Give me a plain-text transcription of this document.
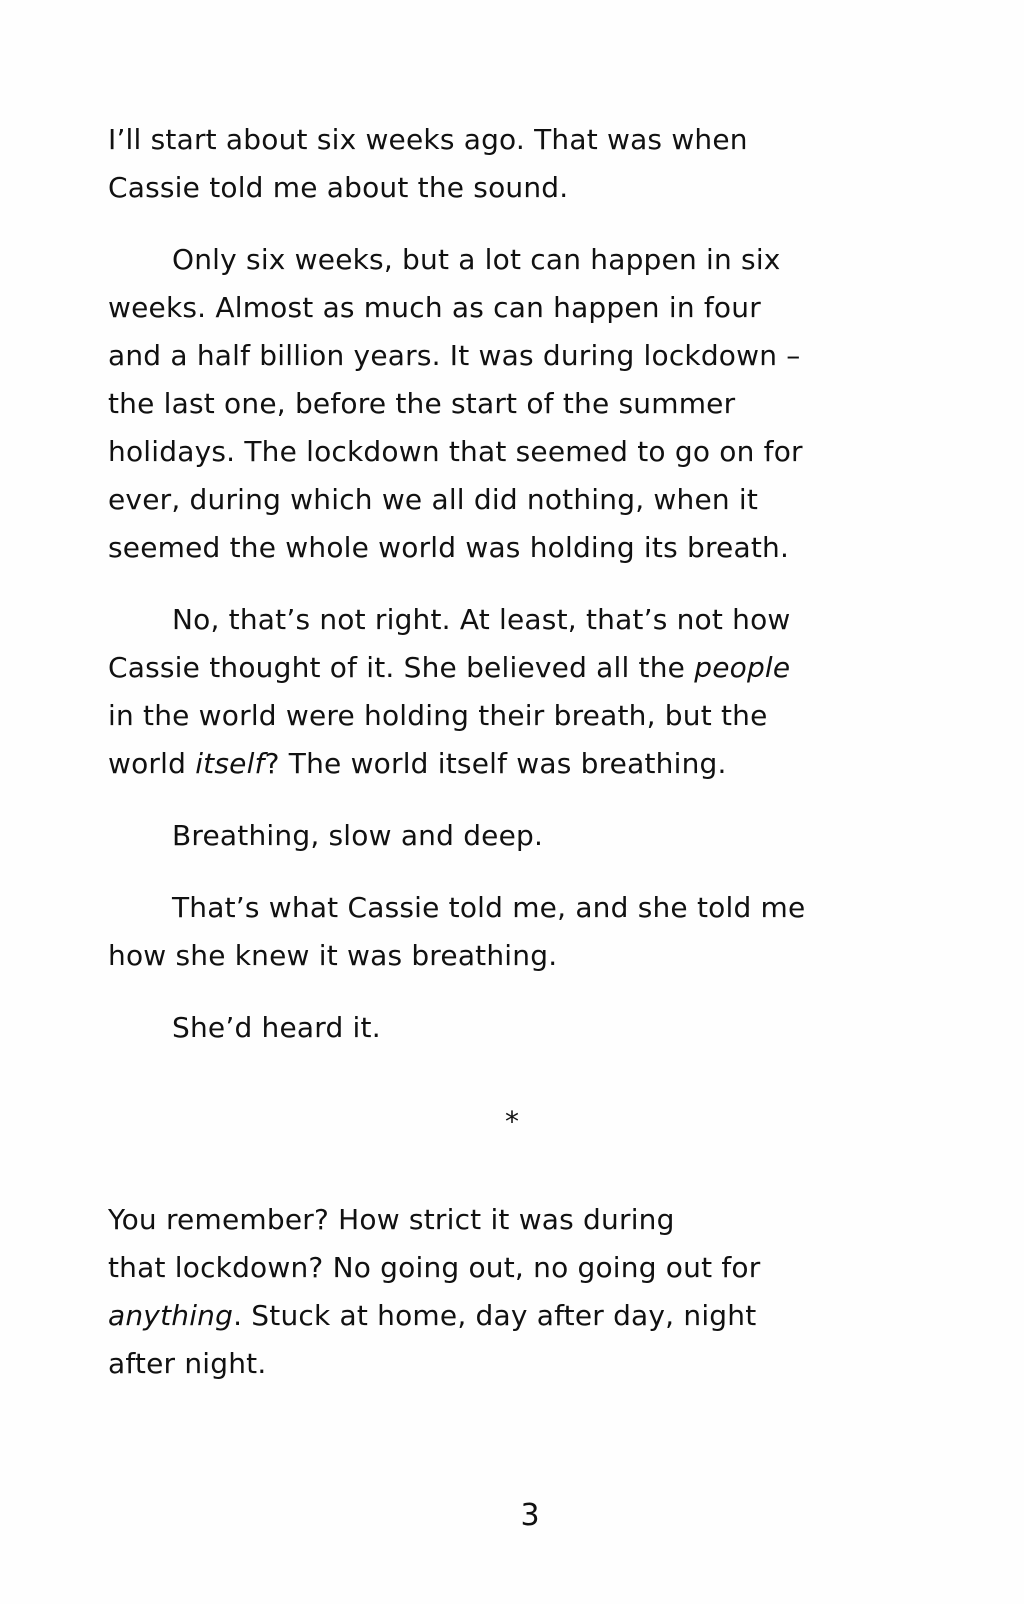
I’ll start about six weeks ago. That was when
Cassie told me about the sound.

Only six weeks, but a lot can happen in six
weeks. Almost as much as can happen in four
and a half billion years. It was during lockdown –
the last one, before the start of the summer
holidays. The lockdown that seemed to go on for
ever, during which we all did nothing, when it
seemed the whole world was holding its breath.

No, that’s not right. At least, that’s not how
Cassie thought of it. She believed all the people
in the world were holding their breath, but the
world itself? The world itself was breathing.

Breathing, slow and deep.

That’s what Cassie told me, and she told me
how she knew it was breathing.

She’d heard it.

*

You remember? How strict it was during
that lockdown? No going out, no going out for
anything. Stuck at home, day after day, night
after night.

3
